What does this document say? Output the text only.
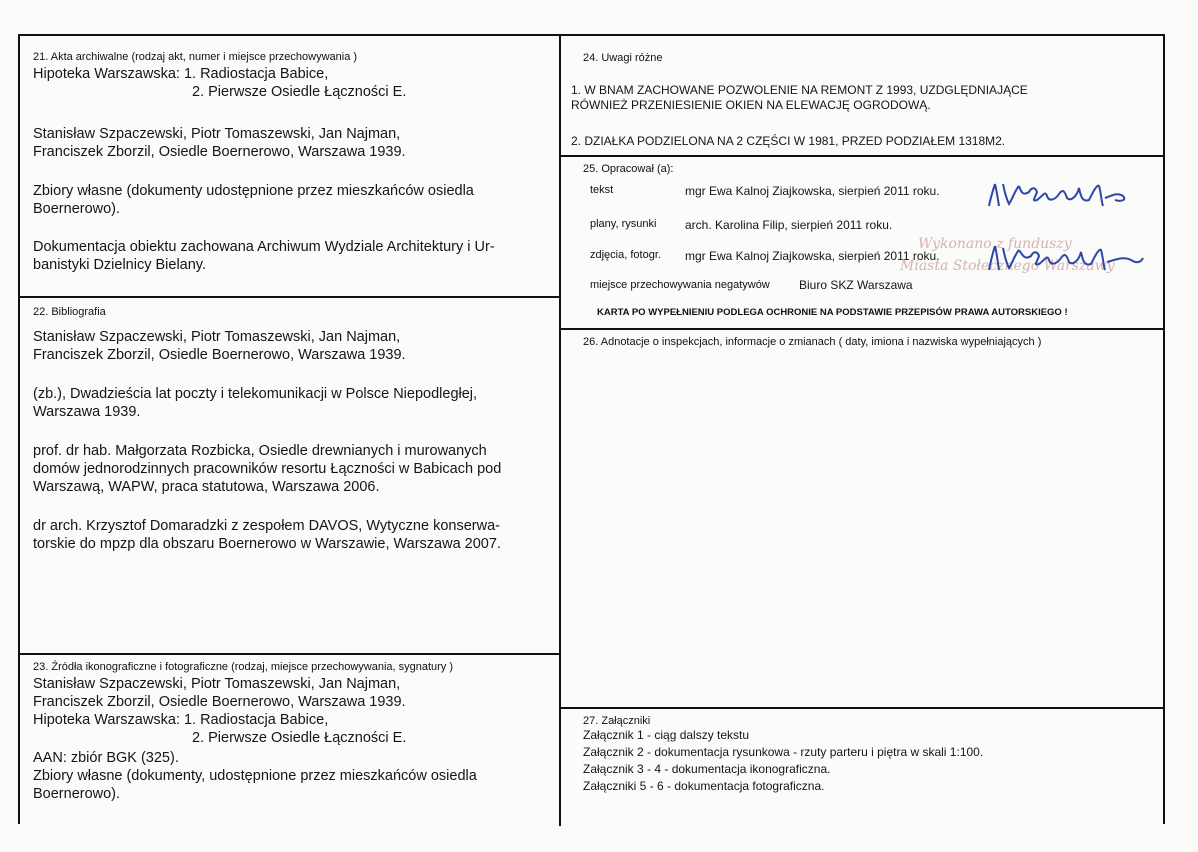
21. Akta archiwalne (rodzaj akt, numer i miejsce przechowywania )
Hipoteka Warszawska: 1. Radiostacja Babice,
2. Pierwsze Osiedle Łączności E.
Stanisław Szpaczewski, Piotr Tomaszewski, Jan Najman,
Franciszek Zborzil, Osiedle Boernerowo, Warszawa 1939.
Zbiory własne (dokumenty udostępnione przez mieszkańców osiedla
Boernerowo).
Dokumentacja obiektu zachowana Archiwum Wydziale Architektury i Ur-
banistyki Dzielnicy Bielany.
22. Bibliografia
Stanisław Szpaczewski, Piotr Tomaszewski, Jan Najman,
Franciszek Zborzil, Osiedle Boernerowo, Warszawa 1939.
(zb.), Dwadzieścia lat poczty i telekomunikacji w Polsce Niepodległej,
Warszawa 1939.
prof. dr hab. Małgorzata Rozbicka, Osiedle drewnianych i murowanych
domów jednorodzinnych pracowników resortu Łączności w Babicach pod
Warszawą, WAPW, praca statutowa, Warszawa 2006.
dr arch. Krzysztof Domaradzki z zespołem DAVOS, Wytyczne konserwa-
torskie do mpzp dla obszaru Boernerowo w Warszawie, Warszawa 2007.
23. Źródła ikonograficzne i fotograficzne (rodzaj, miejsce przechowywania, sygnatury )
Stanisław Szpaczewski, Piotr Tomaszewski, Jan Najman,
Franciszek Zborzil, Osiedle Boernerowo, Warszawa 1939.
Hipoteka Warszawska: 1. Radiostacja Babice,
2. Pierwsze Osiedle Łączności E.
AAN: zbiór BGK (325).
Zbiory własne (dokumenty, udostępnione przez mieszkańców osiedla
Boernerowo).
24. Uwagi różne
1. W BNAM ZACHOWANE POZWOLENIE NA REMONT Z 1993, UZDGLĘDNIAJĄCE
RÓWNIEŻ PRZENIESIENIE OKIEN NA ELEWACJĘ OGRODOWĄ.
2. DZIAŁKA PODZIELONA NA 2 CZĘŚCI W 1981, PRZED PODZIAŁEM 1318M2.
25. Opracował (a):
tekst	mgr Ewa Kalnoj Ziajkowska, sierpień 2011 roku.
plany, rysunki arch. Karolina Filip, sierpień 2011 roku.
zdjęcia, fotogr. mgr Ewa Kalnoj Ziajkowska, sierpień 2011 roku.
miejsce przechowywania negatywów Biuro SKZ Warszawa
Wykonano z funduszy
Miasta Stołecznego Warszawy
KARTA PO WYPEŁNIENIU PODLEGA OCHRONIE NA PODSTAWIE PRZEPISÓW PRAWA AUTORSKIEGO !
26. Adnotacje o inspekcjach, informacje o zmianach ( daty, imiona i nazwiska wypełniających )
27. Załączniki
Załącznik 1 - ciąg dalszy tekstu
Załącznik 2 - dokumentacja rysunkowa - rzuty parteru i piętra w skali 1:100.
Załącznik 3 - 4 - dokumentacja ikonograficzna.
Załączniki 5 - 6 - dokumentacja fotograficzna.
